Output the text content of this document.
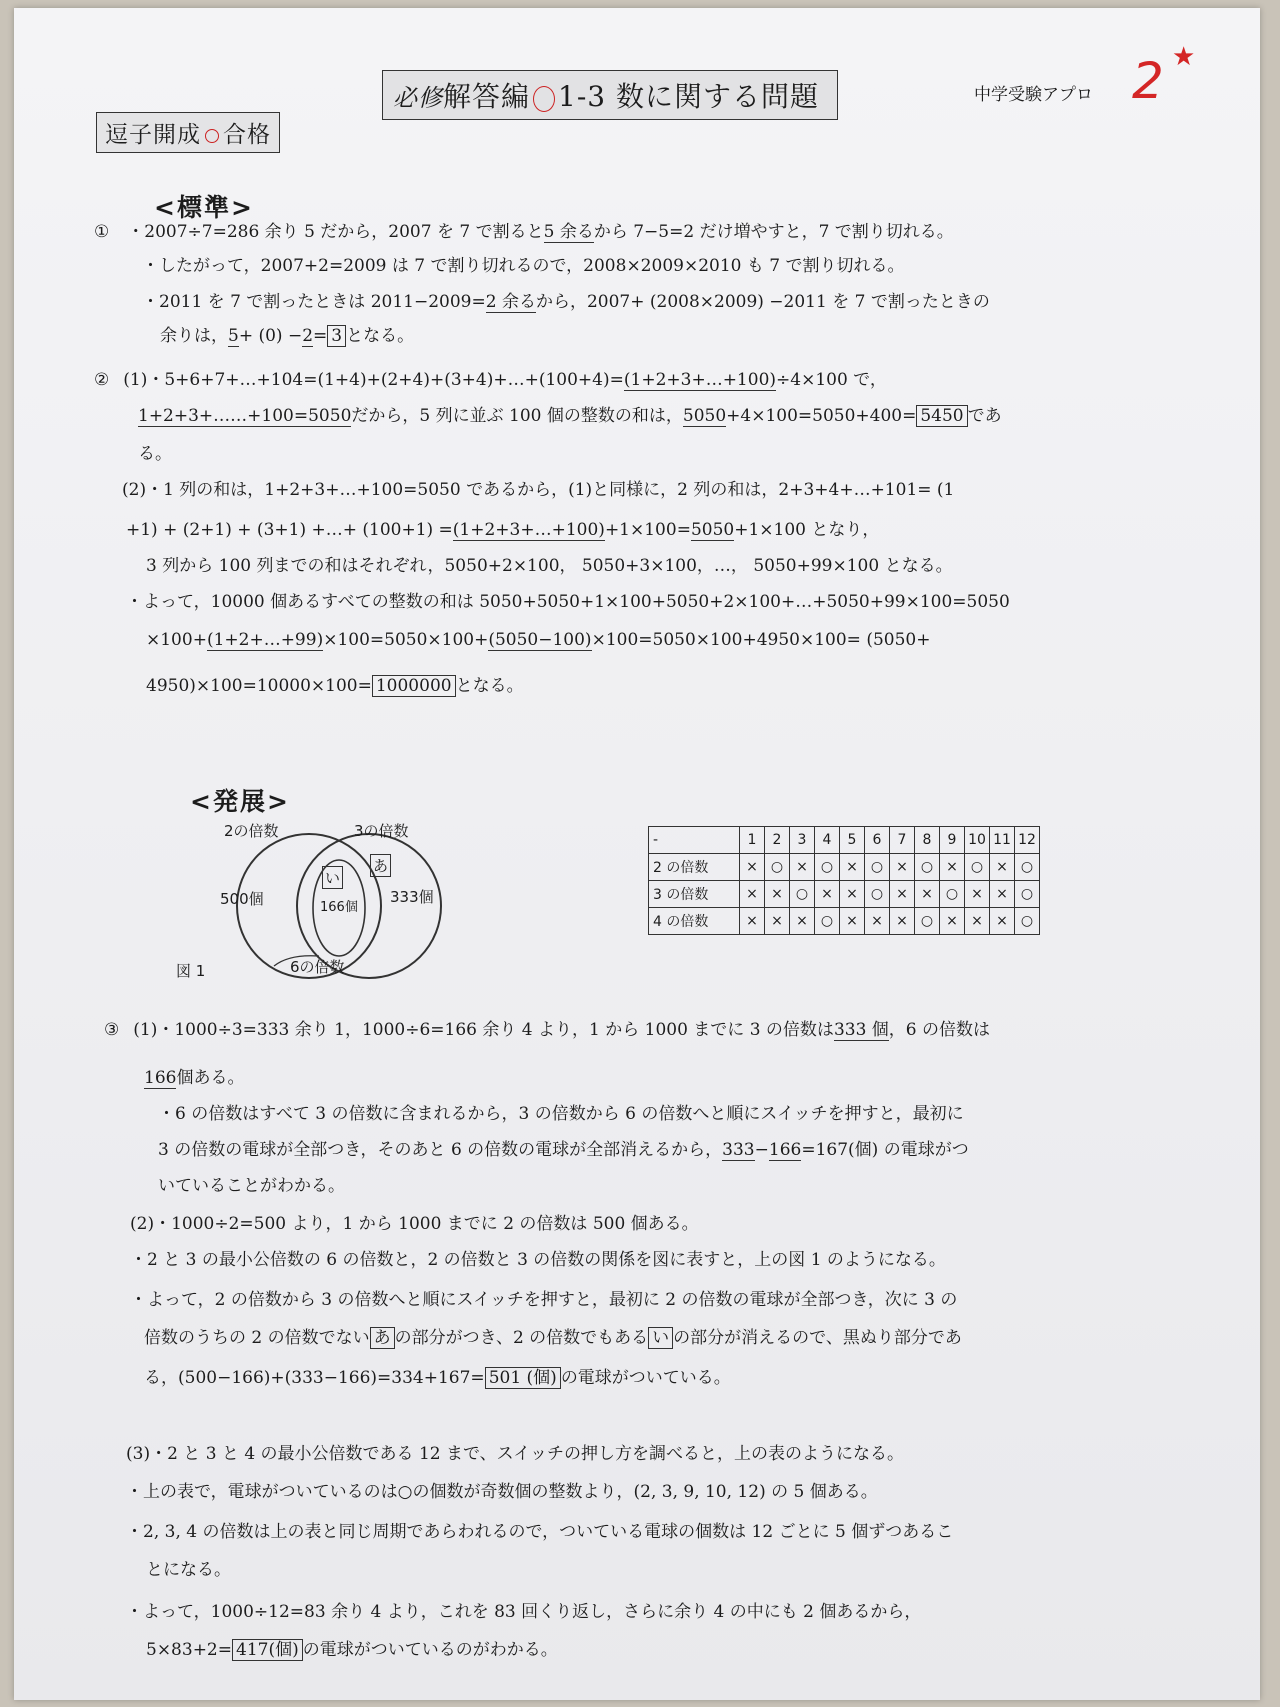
逗子開成 合格
必修解答編 1-3 数に関する問題	中学受験アプロ 2 ★
<標準>
① ・2007÷7=286 余り 5 だから，2007 を 7 で割ると5 余るから 7−5=2 だけ増やすと，7 で割り切れる。
・したがって，2007+2=2009 は 7 で割り切れるので，2008×2009×2010 も 7 で割り切れる。
・2011 を 7 で割ったときは 2011−2009=2 余るから，2007+ (2008×2009) −2011 を 7 で割ったときの
余りは，5+ (0) −2= 3 となる。
② (1)・5+6+7+…+104=(1+4)+(2+4)+(3+4)+…+(100+4)=(1+2+3+…+100)÷4×100 で，
1+2+3+……+100=5050だから，5 列に並ぶ 100 個の整数の和は，5050+4×100=5050+400= 5450 であ
る。
(2)・1 列の和は，1+2+3+…+100=5050 であるから，(1)と同様に，2 列の和は，2+3+4+…+101= (1
+1) + (2+1) + (3+1) +…+ (100+1) =(1+2+3+…+100)+1×100=5050+1×100 となり，
3 列から 100 列までの和はそれぞれ，5050+2×100， 5050+3×100，…， 5050+99×100 となる。
・よって，10000 個あるすべての整数の和は 5050+5050+1×100+5050+2×100+…+5050+99×100=5050
×100+(1+2+…+99)×100=5050×100+(5050−100)×100=5050×100+4950×100= (5050+
4950)×100=10000×100= 1000000 となる。
<発展>
2の倍数	3の倍数
500個	333個
い
166個
あ
6の倍数
図 1
-	1	2	3	4	5	6	7	8	9	10	11	12
2 の倍数	×	○	×	○	×	○	×	○	×	○	×	○
3 の倍数	×	×	○	×	×	○	×	×	○	×	×	○
4 の倍数	×	×	×	○	×	×	×	○	×	×	×	○
③ (1)・1000÷3=333 余り 1，1000÷6=166 余り 4 より，1 から 1000 までに 3 の倍数は333 個，6 の倍数は
166個ある。
・6 の倍数はすべて 3 の倍数に含まれるから，3 の倍数から 6 の倍数へと順にスイッチを押すと，最初に
3 の倍数の電球が全部つき，そのあと 6 の倍数の電球が全部消えるから，333−166=167(個) の電球がつ
いていることがわかる。
(2)・1000÷2=500 より，1 から 1000 までに 2 の倍数は 500 個ある。
・2 と 3 の最小公倍数の 6 の倍数と，2 の倍数と 3 の倍数の関係を図に表すと，上の図 1 のようになる。
・よって，2 の倍数から 3 の倍数へと順にスイッチを押すと，最初に 2 の倍数の電球が全部つき，次に 3 の
倍数のうちの 2 の倍数でない あ の部分がつき、2 の倍数でもある い の部分が消えるので、黒ぬり部分であ
る，(500−166)+(333−166)=334+167= 501 (個) の電球がついている。
(3)・2 と 3 と 4 の最小公倍数である 12 まで、スイッチの押し方を調べると，上の表のようになる。
・上の表で，電球がついているのは○の個数が奇数個の整数より，(2, 3, 9, 10, 12) の 5 個ある。
・2, 3, 4 の倍数は上の表と同じ周期であらわれるので，ついている電球の個数は 12 ごとに 5 個ずつあるこ
とになる。
・よって，1000÷12=83 余り 4 より，これを 83 回くり返し，さらに余り 4 の中にも 2 個あるから，
5×83+2= 417(個) の電球がついているのがわかる。
